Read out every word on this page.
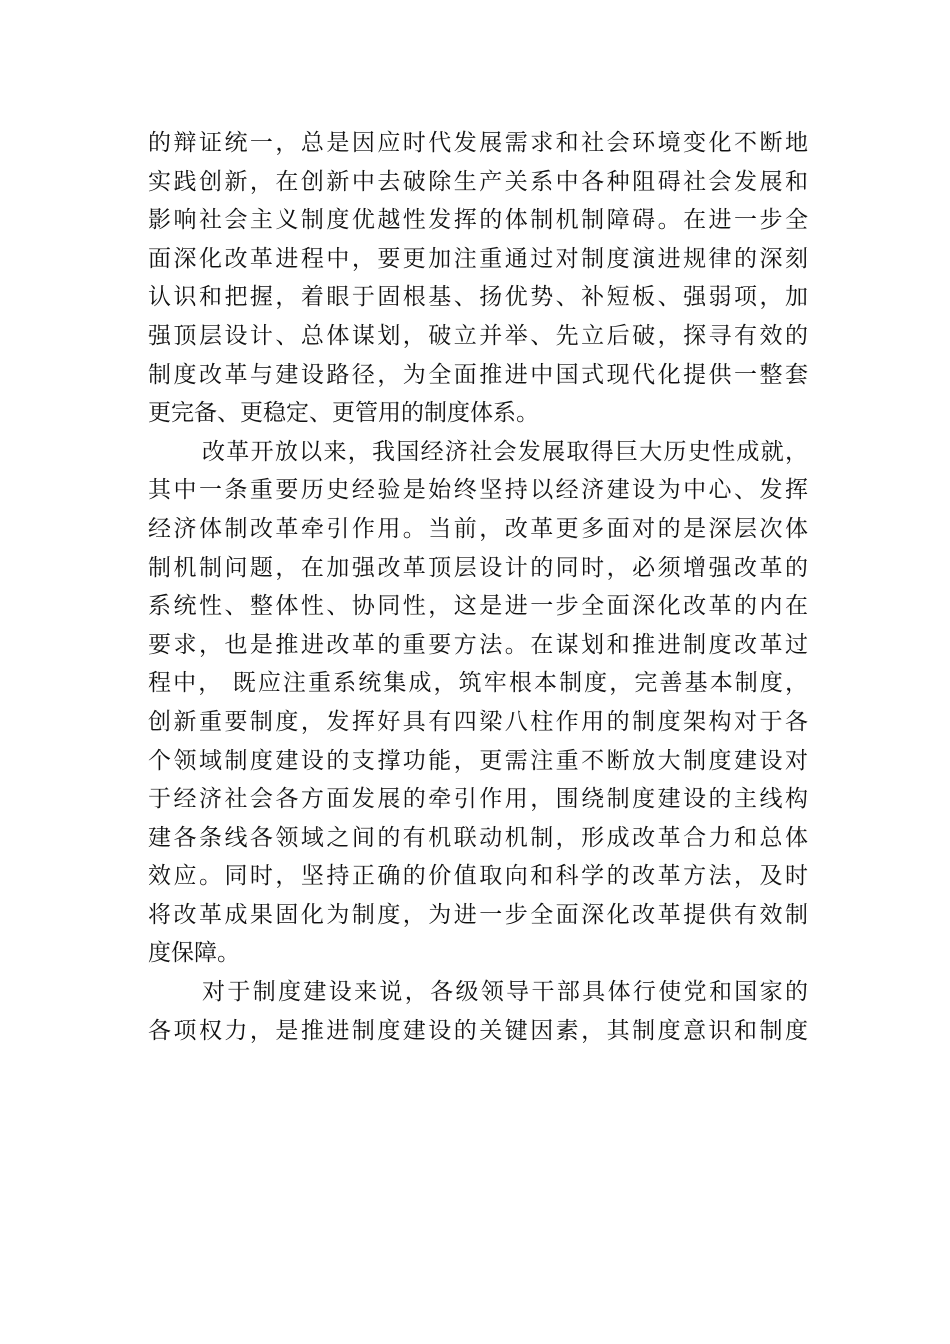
的辩证统一，总是因应时代发展需求和社会环境变化不断地
实践创新，在创新中去破除生产关系中各种阻碍社会发展和
影响社会主义制度优越性发挥的体制机制障碍。在进一步全
面深化改革进程中，要更加注重通过对制度演进规律的深刻
认识和把握，着眼于固根基、扬优势、补短板、强弱项，加
强顶层设计、总体谋划，破立并举、先立后破，探寻有效的
制度改革与建设路径，为全面推进中国式现代化提供一整套
更完备、更稳定、更管用的制度体系。
改革开放以来，我国经济社会发展取得巨大历史性成就，
其中一条重要历史经验是始终坚持以经济建设为中心、发挥
经济体制改革牵引作用。当前，改革更多面对的是深层次体
制机制问题，在加强改革顶层设计的同时，必须增强改革的
系统性、整体性、协同性，这是进一步全面深化改革的内在
要求，也是推进改革的重要方法。在谋划和推进制度改革过
程中， 既应注重系统集成，筑牢根本制度，完善基本制度，
创新重要制度，发挥好具有四梁八柱作用的制度架构对于各
个领域制度建设的支撑功能，更需注重不断放大制度建设对
于经济社会各方面发展的牵引作用，围绕制度建设的主线构
建各条线各领域之间的有机联动机制，形成改革合力和总体
效应。同时，坚持正确的价值取向和科学的改革方法，及时
将改革成果固化为制度，为进一步全面深化改革提供有效制
度保障。
对于制度建设来说，各级领导干部具体行使党和国家的
各项权力，是推进制度建设的关键因素，其制度意识和制度
